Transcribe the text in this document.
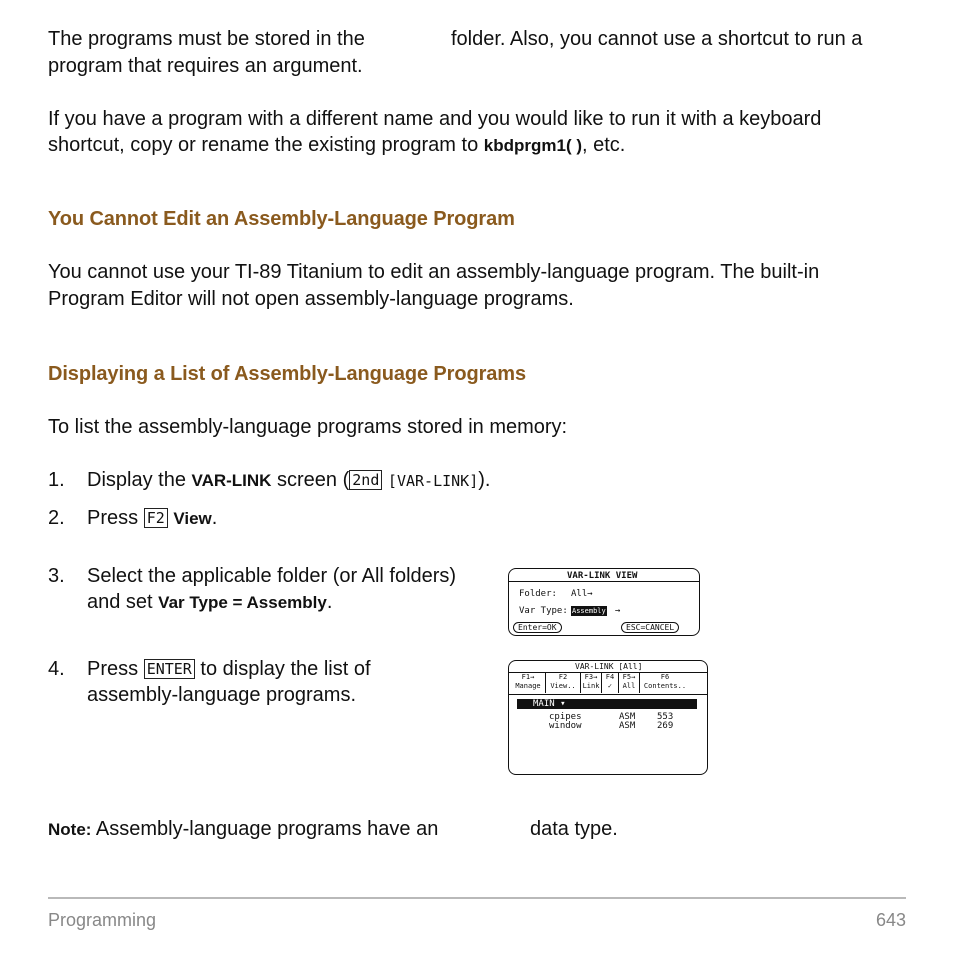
The programs must be stored in the	folder. Also, you cannot use a shortcut to run a
program that requires an argument.
If you have a program with a different name and you would like to run it with a keyboard
shortcut, copy or rename the existing program to kbdprgm1( ), etc.
You Cannot Edit an Assembly-Language Program
You cannot use your TI-89 Titanium to edit an assembly-language program. The built-in
Program Editor will not open assembly-language programs.
Displaying a List of Assembly-Language Programs
To list the assembly-language programs stored in memory:
1. Display the VAR-LINK screen ( 2nd [VAR-LINK]).
2. Press F2 View.
3. Select the applicable folder (or All folders)
and set Var Type = Assembly.
4. Press ENTER to display the list of
assembly-language programs.
VAR-LINK VIEW
Folder: All→
Var Type: Assembly →
Enter=OK	ESC=CANCEL
VAR-LINK [All]
F1→ Manage
F2 View..
F3→ Link
F4 ✓
F5→ All
F6 Contents..
MAIN ▾
cpipes	ASM 553
window	ASM 269
Note: Assembly-language programs have an	data type.
Programming	643
